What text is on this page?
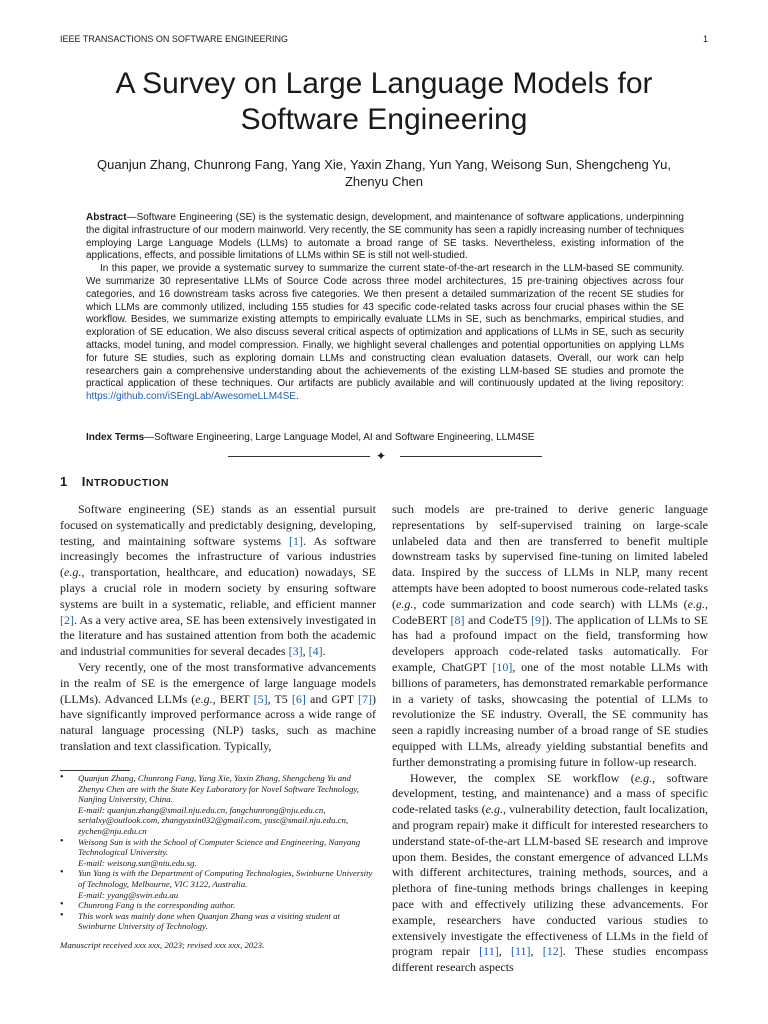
IEEE TRANSACTIONS ON SOFTWARE ENGINEERING	1
A Survey on Large Language Models for
Software Engineering
Quanjun Zhang, Chunrong Fang, Yang Xie, Yaxin Zhang, Yun Yang, Weisong Sun, Shengcheng Yu,
Zhenyu Chen

Abstract—Software Engineering (SE) is the systematic design, development, and maintenance of software applications, underpinning the digital infrastructure of our modern mainworld. Very recently, the SE community has seen a rapidly increasing number of techniques employing Large Language Models (LLMs) to automate a broad range of SE tasks. Nevertheless, existing information of the applications, effects, and possible limitations of LLMs within SE is still not well-studied.

In this paper, we provide a systematic survey to summarize the current state-of-the-art research in the LLM-based SE community. We summarize 30 representative LLMs of Source Code across three model architectures, 15 pre-training objectives across four categories, and 16 downstream tasks across five categories. We then present a detailed summarization of the recent SE studies for which LLMs are commonly utilized, including 155 studies for 43 specific code-related tasks across four crucial phases within the SE workflow. Besides, we summarize existing attempts to empirically evaluate LLMs in SE, such as benchmarks, empirical studies, and exploration of SE education. We also discuss several critical aspects of optimization and applications of LLMs in SE, such as security attacks, model tuning, and model compression. Finally, we highlight several challenges and potential opportunities on applying LLMs for future SE studies, such as exploring domain LLMs and constructing clean evaluation datasets. Overall, our work can help researchers gain a comprehensive understanding about the achievements of the existing LLM-based SE studies and promote the practical application of these techniques. Our artifacts are publicly available and will continuously updated at the living repository: https://github.com/iSEngLab/AwesomeLLM4SE.

Index Terms—Software Engineering, Large Language Model, AI and Software Engineering, LLM4SE
✦
1 INTRODUCTION

Software engineering (SE) stands as an essential pursuit focused on systematically and predictably designing, developing, testing, and maintaining software systems [1]. As software increasingly becomes the infrastructure of various industries (e.g., transportation, healthcare, and education) nowadays, SE plays a crucial role in modern society by ensuring software systems are built in a systematic, reliable, and efficient manner [2]. As a very active area, SE has been extensively investigated in the literature and has sustained attention from both the academic and industrial communities for several decades [3], [4].

Very recently, one of the most transformative advancements in the realm of SE is the emergence of large language models (LLMs). Advanced LLMs (e.g., BERT [5], T5 [6] and GPT [7]) have significantly improved performance across a wide range of natural language processing (NLP) tasks, such as machine translation and text classification. Typically,

• Quanjun Zhang, Chunrong Fang, Yang Xie, Yaxin Zhang, Shengcheng Yu and Zhenyu Chen are with the State Key Laboratory for Novel Software Technology, Nanjing University, China.
E-mail: quanjun.zhang@smail.nju.edu.cn, fangchunrong@nju.edu.cn, serialxy@outlook.com, zhangyaxin032@gmail.com, yusc@smail.nju.edu.cn, zychen@nju.edu.cn
• Weisong Sun is with the School of Computer Science and Engineering, Nanyang Technological University.
E-mail: weisong.sun@ntu.edu.sg.
• Yun Yang is with the Department of Computing Technologies, Swinburne University of Technology, Melbourne, VIC 3122, Australia.
E-mail: yyang@swin.edu.au
• Chunrong Fang is the corresponding author.
• This work was mainly done when Quanjun Zhang was a visiting student at Swinburne University of Technology.
Manuscript received xxx xxx, 2023; revised xxx xxx, 2023.

such models are pre-trained to derive generic language representations by self-supervised training on large-scale unlabeled data and then are transferred to benefit multiple downstream tasks by supervised fine-tuning on limited labeled data. Inspired by the success of LLMs in NLP, many recent attempts have been adopted to boost numerous code-related tasks (e.g., code summarization and code search) with LLMs (e.g., CodeBERT [8] and CodeT5 [9]). The application of LLMs to SE has had a profound impact on the field, transforming how developers approach code-related tasks automatically. For example, ChatGPT [10], one of the most notable LLMs with billions of parameters, has demonstrated remarkable performance in a variety of tasks, showcasing the potential of LLMs to revolutionize the SE industry. Overall, the SE community has seen a rapidly increasing number of a broad range of SE studies equipped with LLMs, already yielding substantial benefits and further demonstrating a promising future in follow-up research.

However, the complex SE workflow (e.g., software development, testing, and maintenance) and a mass of specific code-related tasks (e.g., vulnerability detection, fault localization, and program repair) make it difficult for interested researchers to understand state-of-the-art LLM-based SE research and improve upon them. Besides, the constant emergence of advanced LLMs with different architectures, training methods, sources, and a plethora of fine-tuning methods brings challenges in keeping pace with and effectively utilizing these advancements. For example, researchers have conducted various studies to extensively investigate the effectiveness of LLMs in the field of program repair [11], [11], [12]. These studies encompass different research aspects
